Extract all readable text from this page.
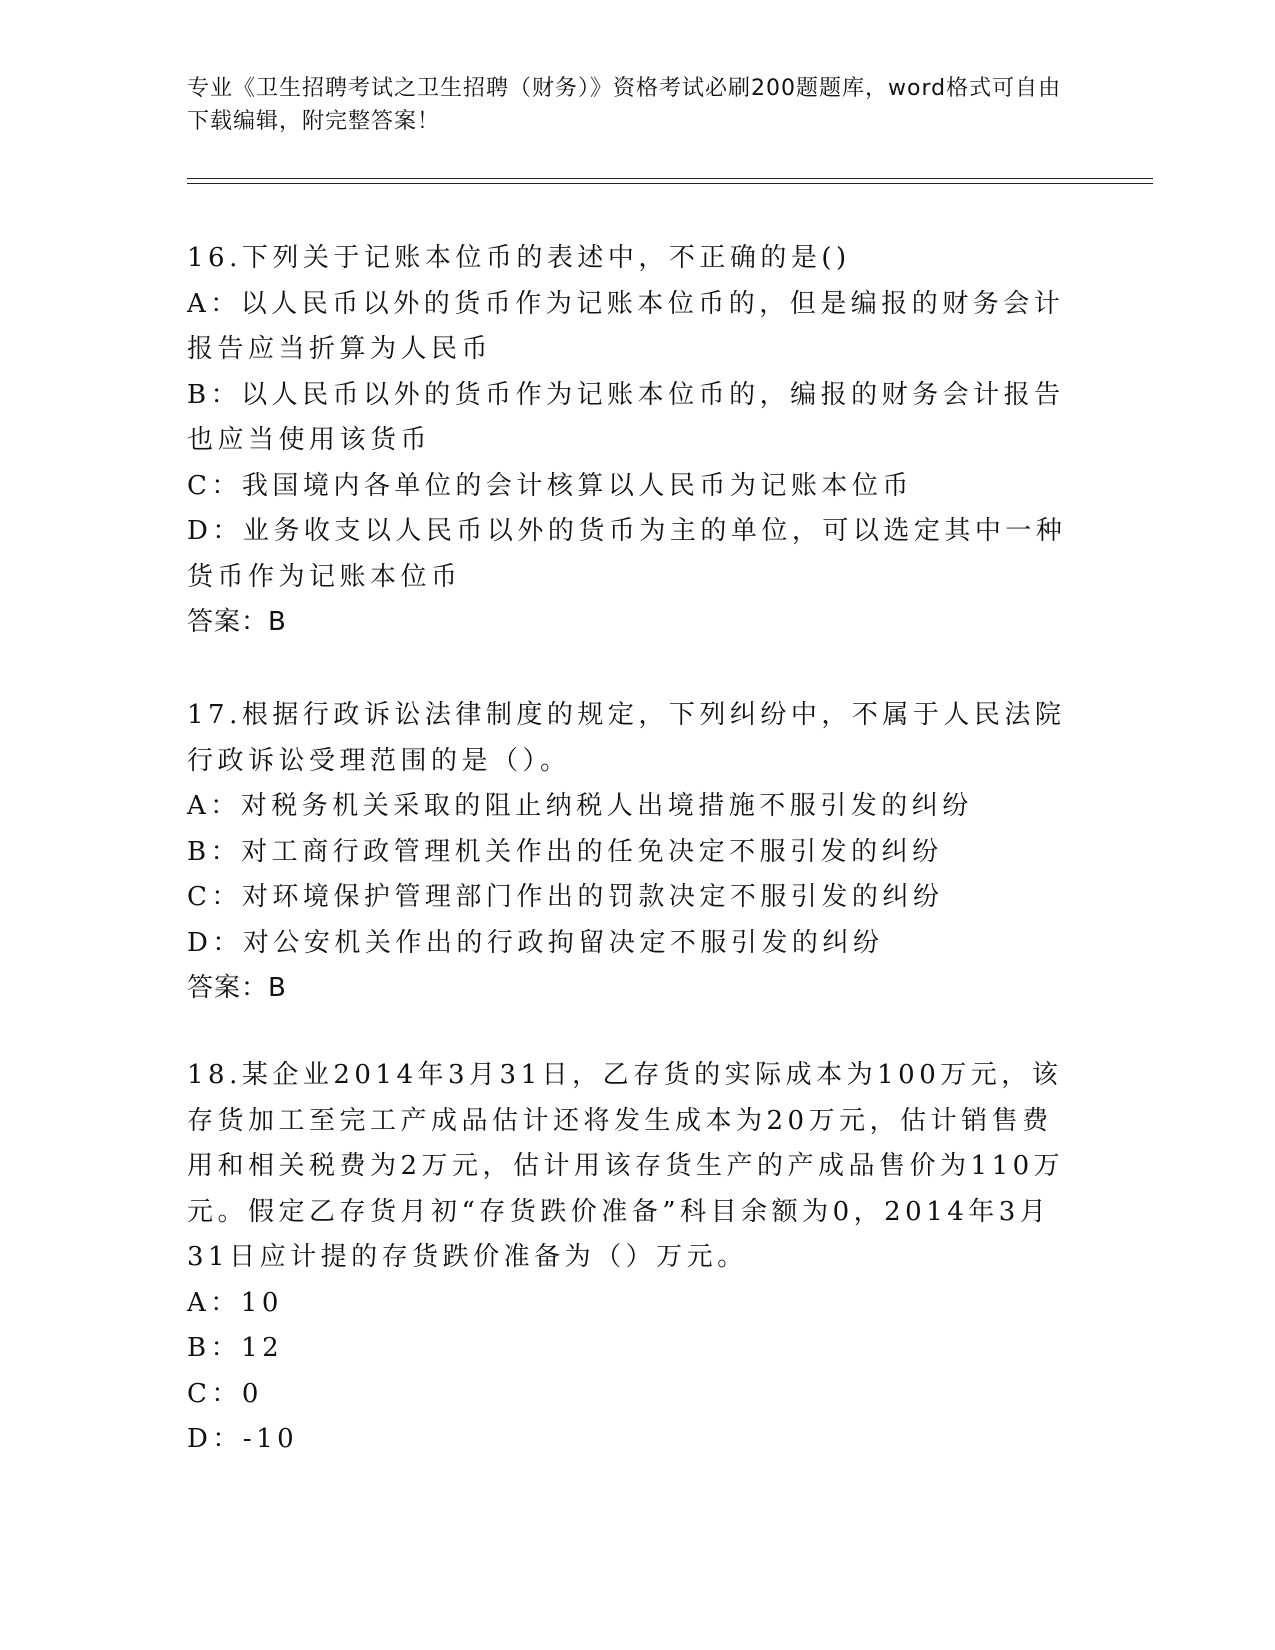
专业《卫生招聘考试之卫生招聘（财务）》资格考试必刷200题题库，word格式可自由下载编辑，附完整答案！
16.下列关于记账本位币的表述中，不正确的是()
A：以人民币以外的货币作为记账本位币的，但是编报的财务会计报告应当折算为人民币
B：以人民币以外的货币作为记账本位币的，编报的财务会计报告也应当使用该货币
C：我国境内各单位的会计核算以人民币为记账本位币
D：业务收支以人民币以外的货币为主的单位，可以选定其中一种货币作为记账本位币
答案：B
17.根据行政诉讼法律制度的规定，下列纠纷中，不属于人民法院行政诉讼受理范围的是（）。
A：对税务机关采取的阻止纳税人出境措施不服引发的纠纷
B：对工商行政管理机关作出的任免决定不服引发的纠纷
C：对环境保护管理部门作出的罚款决定不服引发的纠纷
D：对公安机关作出的行政拘留决定不服引发的纠纷
答案：B
18.某企业2014年3月31日，乙存货的实际成本为100万元，该存货加工至完工产成品估计还将发生成本为20万元，估计销售费用和相关税费为2万元，估计用该存货生产的产成品售价为110万元。假定乙存货月初“存货跌价准备”科目余额为0，2014年3月31日应计提的存货跌价准备为（）万元。
A：10
B：12
C：0
D：-10
